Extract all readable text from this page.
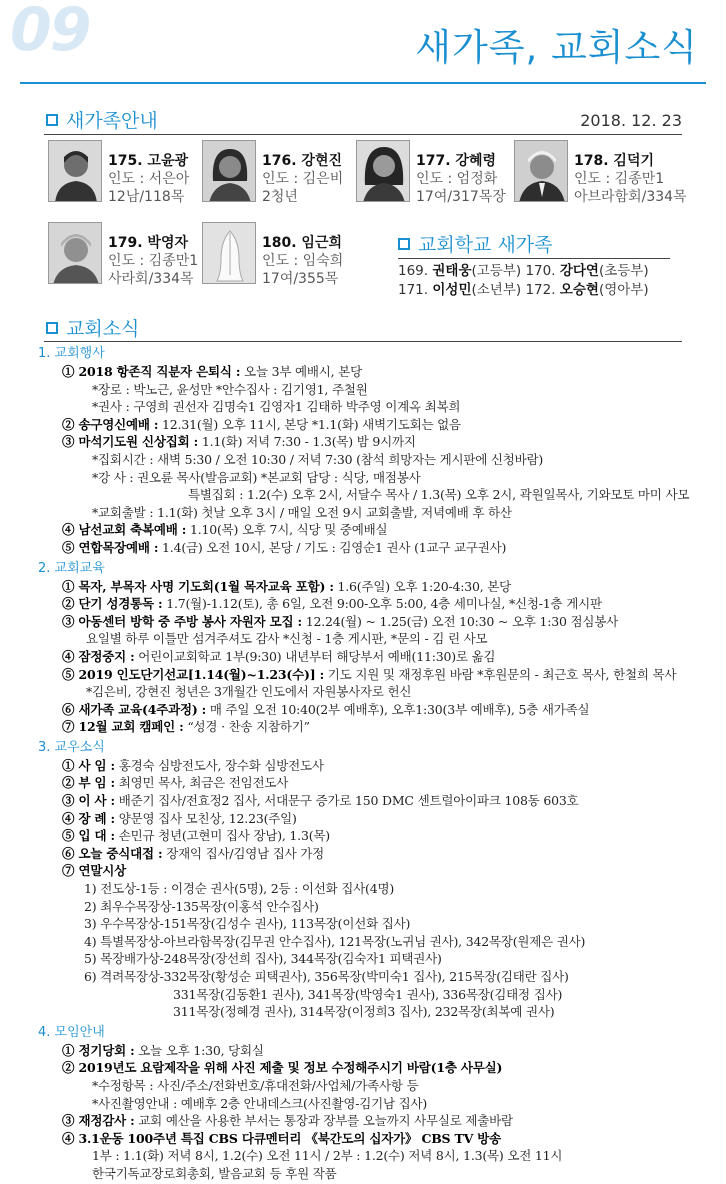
09	새가족, 교회소식
새가족안내	2018. 12. 23
175. 고윤광
인도 : 서은아
12남/118목
176. 강현진
인도 : 김은비
2청년
177. 강혜령
인도 : 엄정화
17여/317목장
178. 김덕기
인도 : 김종만1
아브라함회/334목
179. 박영자
인도 : 김종만1
사라회/334목
180. 임근희
인도 : 임숙희
17여/355목
교회학교 새가족
169. 권태웅(고등부) 170. 강다연(초등부)
171. 이성민(소년부) 172. 오승현(영아부)
교회소식
1. 교회행사
① 2018 항존직 직분자 은퇴식 : 오늘 3부 예배시, 본당
*장로 : 박노근, 윤성만 *안수집사 : 김기영1, 주철원
*권사 : 구영희 권선자 김명숙1 김영자1 김태하 박주영 이계옥 최복희
② 송구영신예배 : 12.31(월) 오후 11시, 본당 *1.1(화) 새벽기도회는 없음
③ 마석기도원 신상집회 : 1.1(화) 저녁 7:30 - 1.3(목) 밤 9시까지
*집회시간 : 새벽 5:30 / 오전 10:30 / 저녁 7:30 (참석 희망자는 게시판에 신청바람)
*강 사 : 권오륜 목사(발음교회) *본교회 담당 : 식당, 매점봉사
특별집회 : 1.2(수) 오후 2시, 서달수 목사 / 1.3(목) 오후 2시, 곽원일목사, 기와모토 마미 사모
*교회출발 : 1.1(화) 첫날 오후 3시 / 매일 오전 9시 교회출발, 저녁예배 후 하산
④ 남선교회 축복예배 : 1.10(목) 오후 7시, 식당 및 중예배실
⑤ 연합목장예배 : 1.4(금) 오전 10시, 본당 / 기도 : 김영순1 권사 (1교구 교구권사)
2. 교회교육
① 목자, 부목자 사명 기도회(1월 목자교육 포함) : 1.6(주일) 오후 1:20-4:30, 본당
② 단기 성경통독 : 1.7(월)-1.12(토), 총 6일, 오전 9:00-오후 5:00, 4층 세미나실, *신청-1층 게시판
③ 아동센터 방학 중 주방 봉사 자원자 모집 : 12.24(월) ~ 1.25(금) 오전 10:30 ~ 오후 1:30 점심봉사
요일별 하루 이틀만 섬겨주셔도 감사 *신청 - 1층 게시판, *문의 - 김 린 사모
④ 잠정중지 : 어린이교회학교 1부(9:30) 내년부터 해당부서 예배(11:30)로 옮김
⑤ 2019 인도단기선교[1.14(월)~1.23(수)] : 기도 지원 및 재정후원 바람 *후원문의 - 최근호 목사, 한철희 목사
*김은비, 강현진 청년은 3개월간 인도에서 자원봉사자로 헌신
⑥ 새가족 교육(4주과정) : 매 주일 오전 10:40(2부 예배후), 오후1:30(3부 예배후), 5층 새가족실
⑦ 12월 교회 캠페인 : “성경 · 찬송 지참하기”
3. 교우소식
① 사 임 : 홍경숙 심방전도사, 장수화 심방전도사
② 부 임 : 최영민 목사, 최금은 전임전도사
③ 이 사 : 배준기 집사/전효정2 집사, 서대문구 증가로 150 DMC 센트럴아이파크 108동 603호
④ 장 례 : 양문영 집사 모친상, 12.23(주일)
⑤ 입 대 : 손민규 청년(고현미 집사 장남), 1.3(목)
⑥ 오늘 중식대접 : 장재익 집사/김영남 집사 가정
⑦ 연말시상
1) 전도상-1등 : 이경순 권사(5명), 2등 : 이선화 집사(4명)
2) 최우수목장상-135목장(이홍석 안수집사)
3) 우수목장상-151목장(김성수 권사), 113목장(이선화 집사)
4) 특별목장상-아브라함목장(김무권 안수집사), 121목장(노귀님 권사), 342목장(원제은 권사)
5) 목장배가상-248목장(장선희 집사), 344목장(김숙자1 피택권사)
6) 격려목장상-332목장(황성순 피택권사), 356목장(박미숙1 집사), 215목장(김태란 집사)
331목장(김동환1 권사), 341목장(박영숙1 권사), 336목장(김태정 집사)
311목장(정혜경 권사), 314목장(이정희3 집사), 232목장(최복예 권사)
4. 모임안내
① 정기당회 : 오늘 오후 1:30, 당회실
② 2019년도 요람제작을 위해 사진 제출 및 정보 수정해주시기 바람(1층 사무실)
*수정항목 : 사진/주소/전화번호/휴대전화/사업체/가족사항 등
*사진촬영안내 : 예배후 2층 안내데스크(사진촬영-김기남 집사)
③ 재정감사 : 교회 예산을 사용한 부서는 통장과 장부를 오늘까지 사무실로 제출바람
④ 3.1운동 100주년 특집 CBS 다큐멘터리 《북간도의 십자가》 CBS TV 방송
1부 : 1.1(화) 저녁 8시, 1.2(수) 오전 11시 / 2부 : 1.2(수) 저녁 8시, 1.3(목) 오전 11시
한국기독교장로회총회, 발음교회 등 후원 작품
